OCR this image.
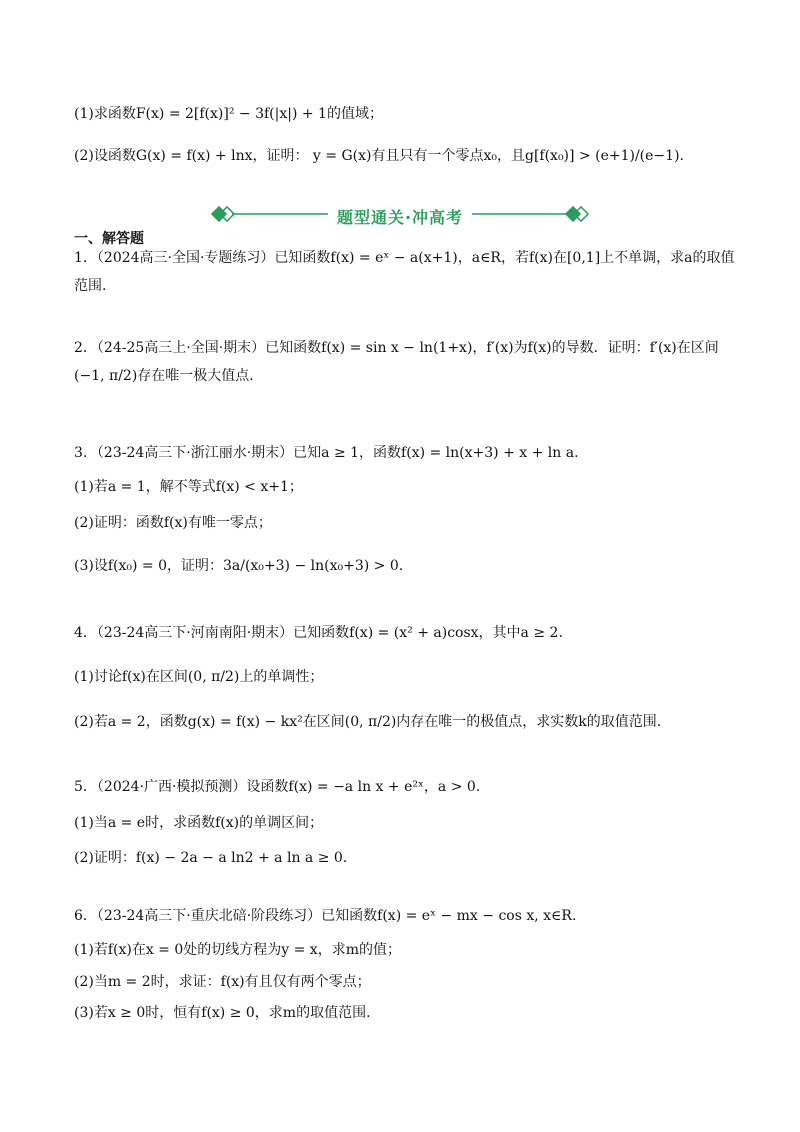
(1)求函数F(x) = 2[f(x)]² − 3f(|x|) + 1的值域；
(2)设函数G(x) = f(x) + lnx，证明： y = G(x)有且只有一个零点x₀，且g[f(x₀)] > (e+1)/(e−1).
题型通关·冲高考
一、解答题
1．（2024高三·全国·专题练习）已知函数f(x) = eˣ − a(x+1)，a∈R，若f(x)在[0,1]上不单调，求a的取值范围.
2．（24-25高三上·全国·期末）已知函数f(x) = sin x − ln(1+x)，f′(x)为f(x)的导数．证明：f′(x)在区间(−1, π/2)存在唯一极大值点．
3．（23-24高三下·浙江丽水·期末）已知a ≥ 1，函数f(x) = ln(x+3) + x + ln a.
(1)若a = 1，解不等式f(x) < x+1；
(2)证明：函数f(x)有唯一零点；
(3)设f(x₀) = 0，证明：3a/(x₀+3) − ln(x₀+3) > 0.
4．（23-24高三下·河南南阳·期末）已知函数f(x) = (x² + a)cosx，其中a ≥ 2.
(1)讨论f(x)在区间(0, π/2)上的单调性；
(2)若a = 2，函数g(x) = f(x) − kx²在区间(0, π/2)内存在唯一的极值点，求实数k的取值范围.
5．（2024·广西·模拟预测）设函数f(x) = −a ln x + e²ˣ，a > 0.
(1)当a = e时，求函数f(x)的单调区间；
(2)证明：f(x) − 2a − a ln2 + a ln a ≥ 0.
6．（23-24高三下·重庆北碚·阶段练习）已知函数f(x) = eˣ − mx − cos x, x∈R.
(1)若f(x)在x = 0处的切线方程为y = x，求m的值；
(2)当m = 2时，求证：f(x)有且仅有两个零点；
(3)若x ≥ 0时，恒有f(x) ≥ 0，求m的取值范围.
